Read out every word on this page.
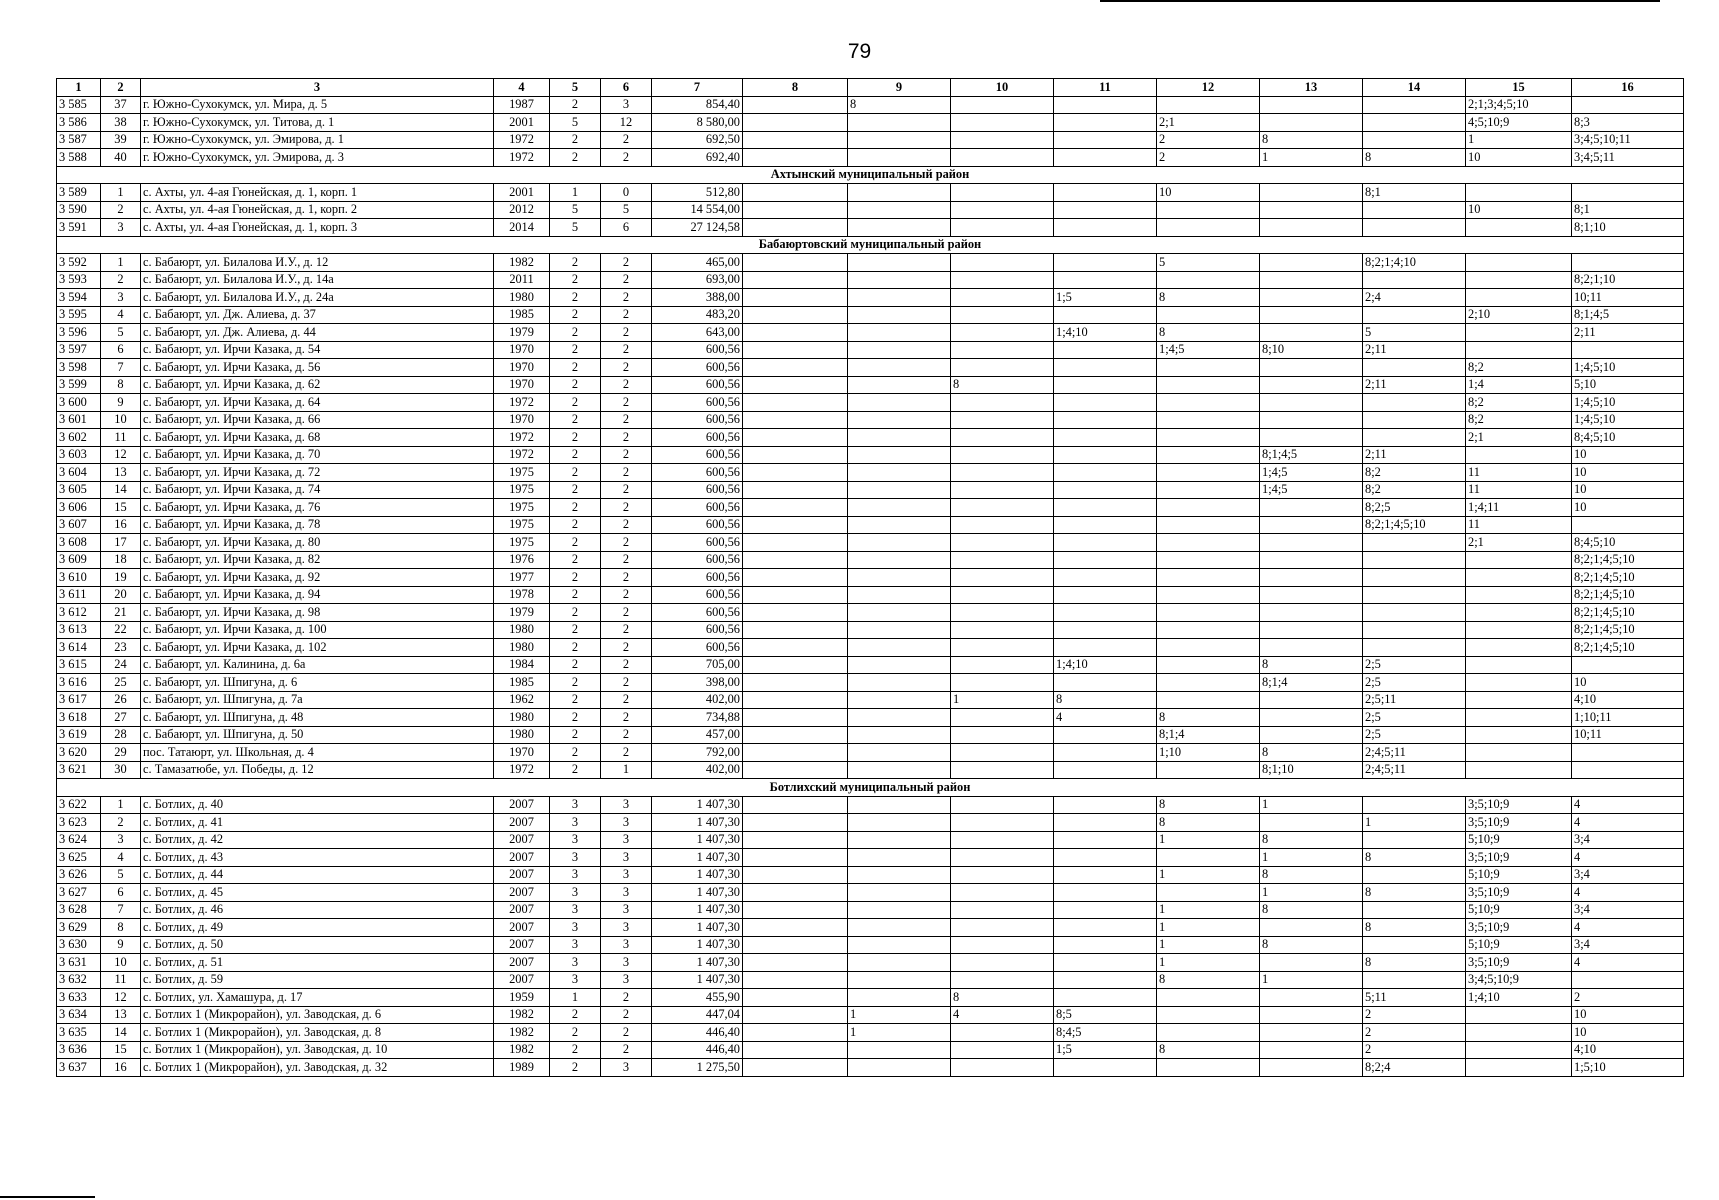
79
1	2	3	4	5	6	7	8	9	10	11	12	13	14	15	16
3 585	37	г. Южно-Сухокумск, ул. Мира, д. 5	1987	2	3	854,40		8						2;1;3;4;5;10	
3 586	38	г. Южно-Сухокумск, ул. Титова, д. 1	2001	5	12	8 580,00					2;1			4;5;10;9	8;3
3 587	39	г. Южно-Сухокумск, ул. Эмирова, д. 1	1972	2	2	692,50					2	8		1	3;4;5;10;11
3 588	40	г. Южно-Сухокумск, ул. Эмирова, д. 3	1972	2	2	692,40					2	1	8	10	3;4;5;11
Ахтынский муниципальный район															
3 589	1	с. Ахты, ул. 4-ая Гюнейская, д. 1, корп. 1	2001	1	0	512,80					10		8;1		
3 590	2	с. Ахты, ул. 4-ая Гюнейская, д. 1, корп. 2	2012	5	5	14 554,00								10	8;1
3 591	3	с. Ахты, ул. 4-ая Гюнейская, д. 1, корп. 3	2014	5	6	27 124,58									8;1;10
Бабаюртовский муниципальный район															
3 592	1	с. Бабаюрт, ул. Билалова И.У., д. 12	1982	2	2	465,00					5		8;2;1;4;10		
3 593	2	с. Бабаюрт, ул. Билалова И.У., д. 14а	2011	2	2	693,00									8;2;1;10
3 594	3	с. Бабаюрт, ул. Билалова И.У., д. 24а	1980	2	2	388,00				1;5	8		2;4		10;11
3 595	4	с. Бабаюрт, ул. Дж. Алиева, д. 37	1985	2	2	483,20								2;10	8;1;4;5
3 596	5	с. Бабаюрт, ул. Дж. Алиева, д. 44	1979	2	2	643,00				1;4;10	8		5		2;11
3 597	6	с. Бабаюрт, ул. Ирчи Казака, д. 54	1970	2	2	600,56					1;4;5	8;10	2;11		
3 598	7	с. Бабаюрт, ул. Ирчи Казака, д. 56	1970	2	2	600,56								8;2	1;4;5;10
3 599	8	с. Бабаюрт, ул. Ирчи Казака, д. 62	1970	2	2	600,56			8				2;11	1;4	5;10
3 600	9	с. Бабаюрт, ул. Ирчи Казака, д. 64	1972	2	2	600,56								8;2	1;4;5;10
3 601	10	с. Бабаюрт, ул. Ирчи Казака, д. 66	1970	2	2	600,56								8;2	1;4;5;10
3 602	11	с. Бабаюрт, ул. Ирчи Казака, д. 68	1972	2	2	600,56								2;1	8;4;5;10
3 603	12	с. Бабаюрт, ул. Ирчи Казака, д. 70	1972	2	2	600,56						8;1;4;5	2;11		10
3 604	13	с. Бабаюрт, ул. Ирчи Казака, д. 72	1975	2	2	600,56						1;4;5	8;2	11	10
3 605	14	с. Бабаюрт, ул. Ирчи Казака, д. 74	1975	2	2	600,56						1;4;5	8;2	11	10
3 606	15	с. Бабаюрт, ул. Ирчи Казака, д. 76	1975	2	2	600,56							8;2;5	1;4;11	10
3 607	16	с. Бабаюрт, ул. Ирчи Казака, д. 78	1975	2	2	600,56							8;2;1;4;5;10	11	
3 608	17	с. Бабаюрт, ул. Ирчи Казака, д. 80	1975	2	2	600,56								2;1	8;4;5;10
3 609	18	с. Бабаюрт, ул. Ирчи Казака, д. 82	1976	2	2	600,56									8;2;1;4;5;10
3 610	19	с. Бабаюрт, ул. Ирчи Казака, д. 92	1977	2	2	600,56									8;2;1;4;5;10
3 611	20	с. Бабаюрт, ул. Ирчи Казака, д. 94	1978	2	2	600,56									8;2;1;4;5;10
3 612	21	с. Бабаюрт, ул. Ирчи Казака, д. 98	1979	2	2	600,56									8;2;1;4;5;10
3 613	22	с. Бабаюрт, ул. Ирчи Казака, д. 100	1980	2	2	600,56									8;2;1;4;5;10
3 614	23	с. Бабаюрт, ул. Ирчи Казака, д. 102	1980	2	2	600,56									8;2;1;4;5;10
3 615	24	с. Бабаюрт, ул. Калинина, д. 6а	1984	2	2	705,00				1;4;10		8	2;5		
3 616	25	с. Бабаюрт, ул. Шпигуна, д. 6	1985	2	2	398,00						8;1;4	2;5		10
3 617	26	с. Бабаюрт, ул. Шпигуна, д. 7а	1962	2	2	402,00			1	8			2;5;11		4;10
3 618	27	с. Бабаюрт, ул. Шпигуна, д. 48	1980	2	2	734,88				4	8		2;5		1;10;11
3 619	28	с. Бабаюрт, ул. Шпигуна, д. 50	1980	2	2	457,00					8;1;4		2;5		10;11
3 620	29	пос. Татаюрт, ул. Школьная, д. 4	1970	2	2	792,00					1;10	8	2;4;5;11		
3 621	30	с. Тамазатюбе, ул. Победы, д. 12	1972	2	1	402,00						8;1;10	2;4;5;11		
Ботлихский муниципальный район															
3 622	1	с. Ботлих, д. 40	2007	3	3	1 407,30					8	1		3;5;10;9	4
3 623	2	с. Ботлих, д. 41	2007	3	3	1 407,30					8		1	3;5;10;9	4
3 624	3	с. Ботлих, д. 42	2007	3	3	1 407,30					1	8		5;10;9	3;4
3 625	4	с. Ботлих, д. 43	2007	3	3	1 407,30						1	8	3;5;10;9	4
3 626	5	с. Ботлих, д. 44	2007	3	3	1 407,30					1	8		5;10;9	3;4
3 627	6	с. Ботлих, д. 45	2007	3	3	1 407,30						1	8	3;5;10;9	4
3 628	7	с. Ботлих, д. 46	2007	3	3	1 407,30					1	8		5;10;9	3;4
3 629	8	с. Ботлих, д. 49	2007	3	3	1 407,30					1		8	3;5;10;9	4
3 630	9	с. Ботлих, д. 50	2007	3	3	1 407,30					1	8		5;10;9	3;4
3 631	10	с. Ботлих, д. 51	2007	3	3	1 407,30					1		8	3;5;10;9	4
3 632	11	с. Ботлих, д. 59	2007	3	3	1 407,30					8	1		3;4;5;10;9	
3 633	12	с. Ботлих, ул. Хамашура, д. 17	1959	1	2	455,90			8				5;11	1;4;10	2
3 634	13	с. Ботлих 1 (Микрорайон), ул. Заводская, д. 6	1982	2	2	447,04		1	4	8;5			2		10
3 635	14	с. Ботлих 1 (Микрорайон), ул. Заводская, д. 8	1982	2	2	446,40		1		8;4;5			2		10
3 636	15	с. Ботлих 1 (Микрорайон), ул. Заводская, д. 10	1982	2	2	446,40				1;5	8		2		4;10
3 637	16	с. Ботлих 1 (Микрорайон), ул. Заводская, д. 32	1989	2	3	1 275,50							8;2;4		1;5;10
